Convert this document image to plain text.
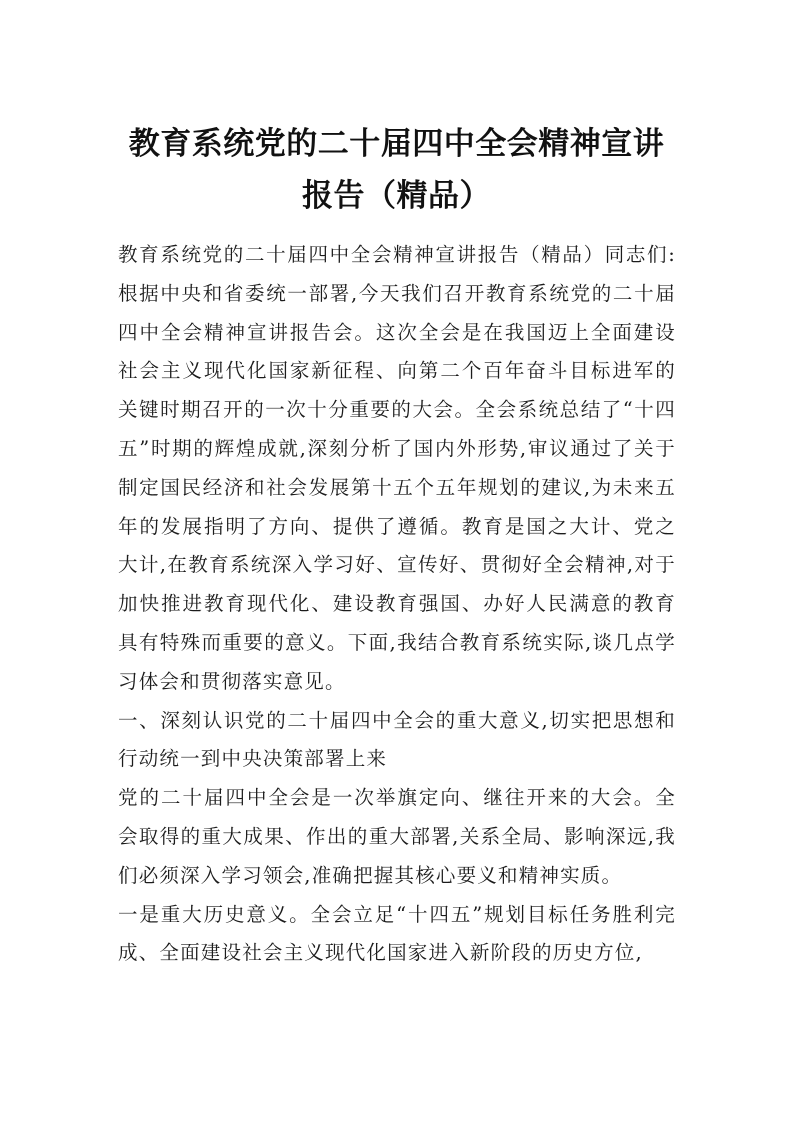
教育系统党的二十届四中全会精神宣讲报告（精品）

教育系统党的二十届四中全会精神宣讲报告（精品）同志们:根据中央和省委统一部署,今天我们召开教育系统党的二十届四中全会精神宣讲报告会。这次全会是在我国迈上全面建设社会主义现代化国家新征程、向第二个百年奋斗目标进军的关键时期召开的一次十分重要的大会。全会系统总结了“十四五”时期的辉煌成就,深刻分析了国内外形势,审议通过了关于制定国民经济和社会发展第十五个五年规划的建议,为未来五年的发展指明了方向、提供了遵循。教育是国之大计、党之大计,在教育系统深入学习好、宣传好、贯彻好全会精神,对于加快推进教育现代化、建设教育强国、办好人民满意的教育具有特殊而重要的意义。下面,我结合教育系统实际,谈几点学习体会和贯彻落实意见。

一、深刻认识党的二十届四中全会的重大意义,切实把思想和行动统一到中央决策部署上来

党的二十届四中全会是一次举旗定向、继往开来的大会。全会取得的重大成果、作出的重大部署,关系全局、影响深远,我们必须深入学习领会,准确把握其核心要义和精神实质。

一是重大历史意义。全会立足“十四五”规划目标任务胜利完成、全面建设社会主义现代化国家进入新阶段的历史方位,
